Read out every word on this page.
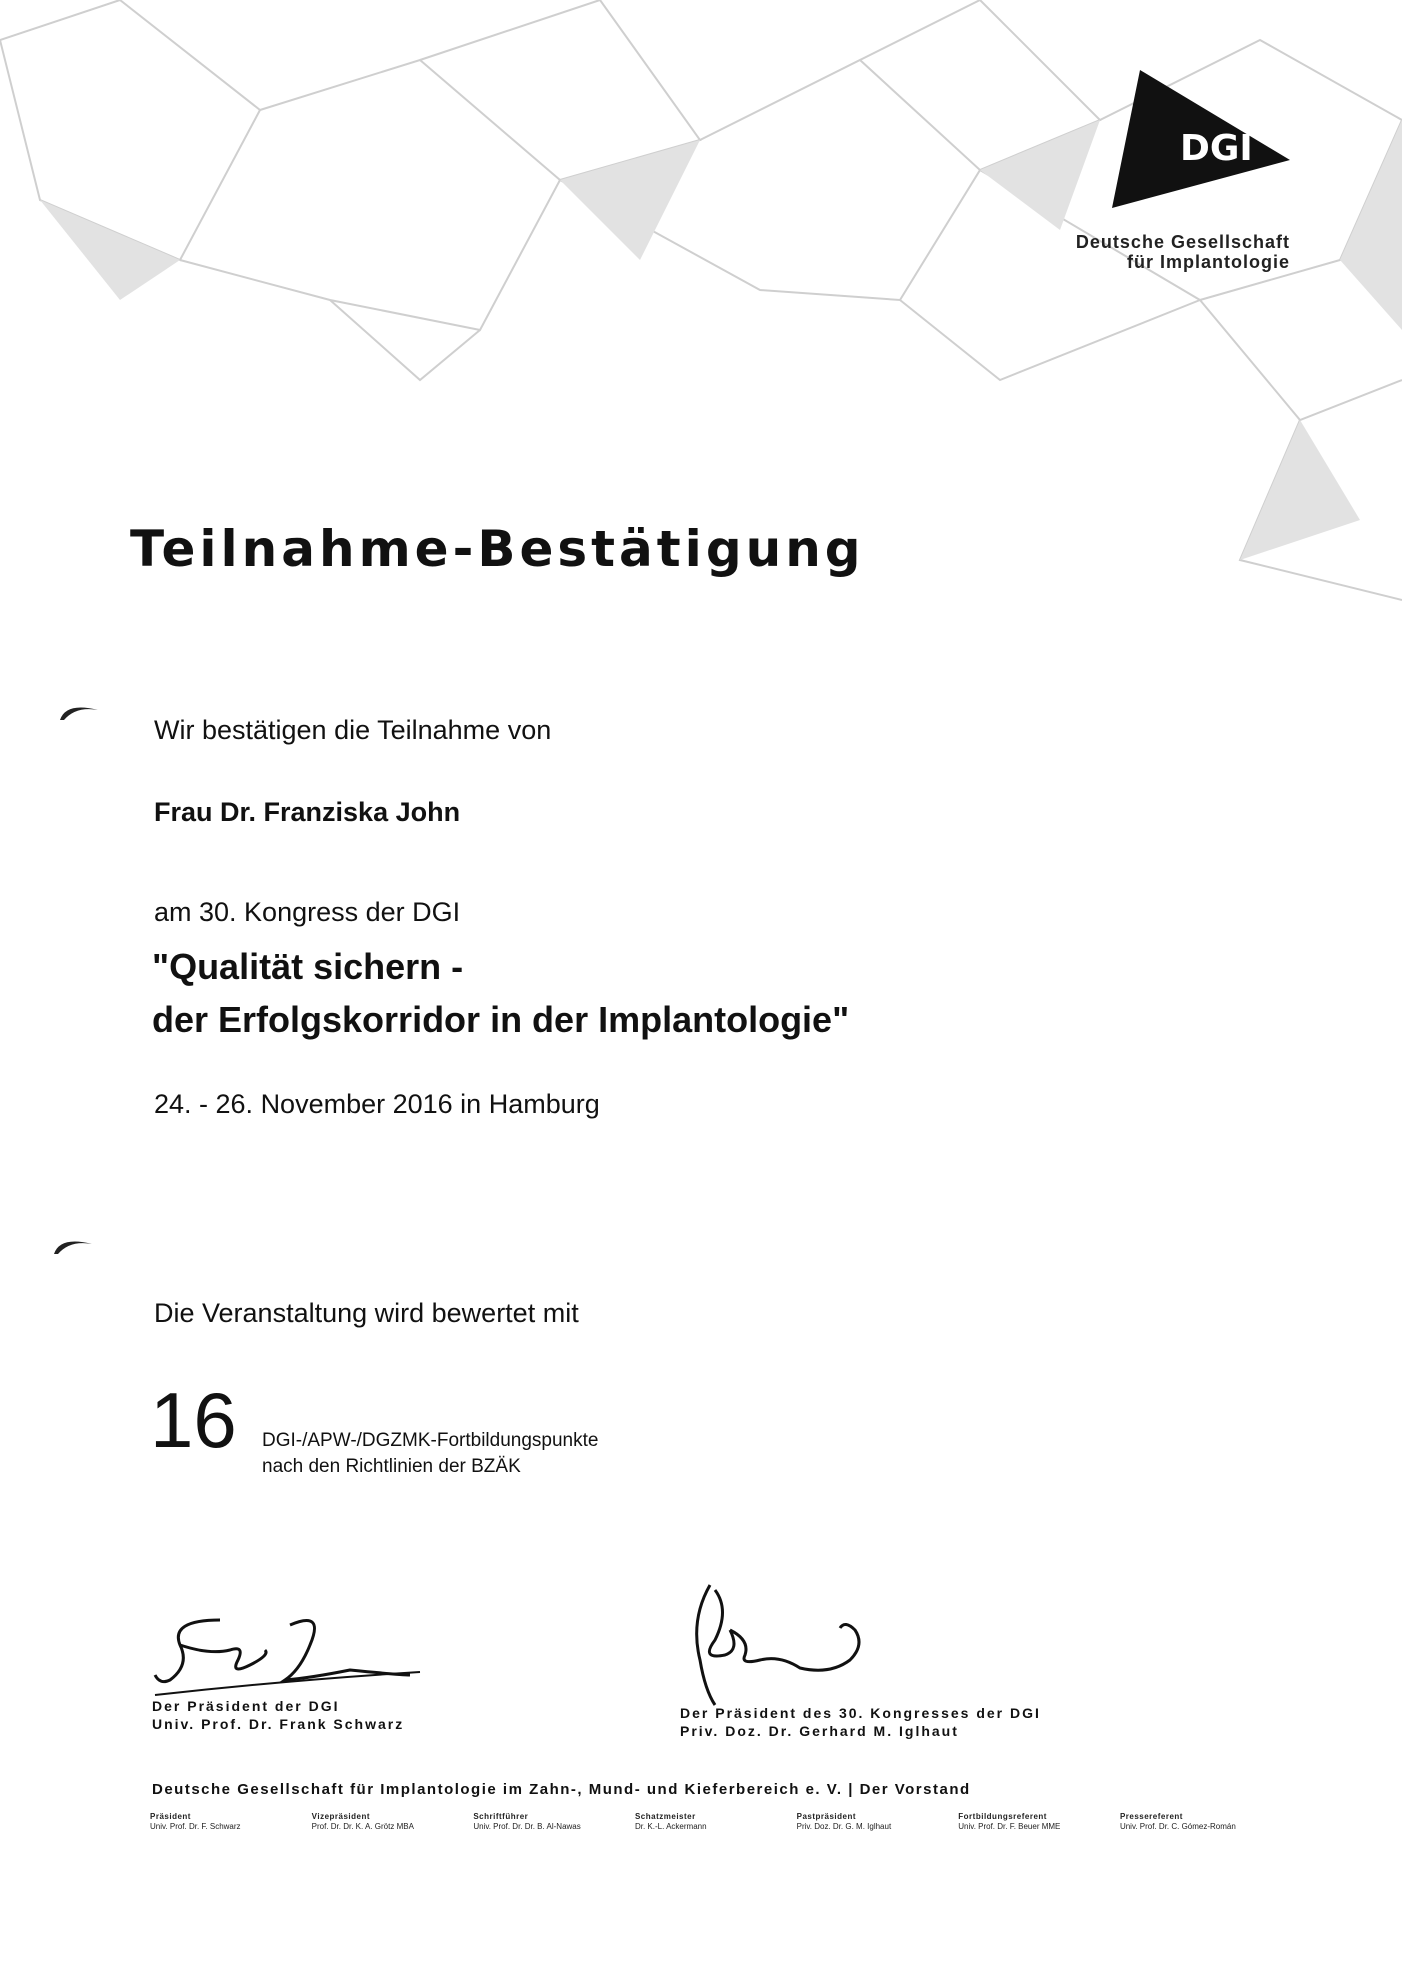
DGI
Deutsche Gesellschaft
für Implantologie
Teilnahme-Bestätigung
Wir bestätigen die Teilnahme von
Frau Dr. Franziska John
am 30. Kongress der DGI
"Qualität sichern -
der Erfolgskorridor in der Implantologie"
24. - 26. November 2016 in Hamburg
Die Veranstaltung wird bewertet mit
16 DGI-/APW-/DGZMK-Fortbildungspunkte
nach den Richtlinien der BZÄK
Der Präsident der DGI
Univ. Prof. Dr. Frank Schwarz
Der Präsident des 30. Kongresses der DGI
Priv. Doz. Dr. Gerhard M. Iglhaut
Deutsche Gesellschaft für Implantologie im Zahn-, Mund- und Kieferbereich e. V. | Der Vorstand
Präsident
Univ. Prof. Dr. F. Schwarz
Vizepräsident
Prof. Dr. Dr. K. A. Grötz MBA
Schriftführer
Univ. Prof. Dr. Dr. B. Al-Nawas
Schatzmeister
Dr. K.-L. Ackermann
Pastpräsident
Priv. Doz. Dr. G. M. Iglhaut
Fortbildungsreferent
Univ. Prof. Dr. F. Beuer MME
Pressereferent
Univ. Prof. Dr. C. Gómez-Román
